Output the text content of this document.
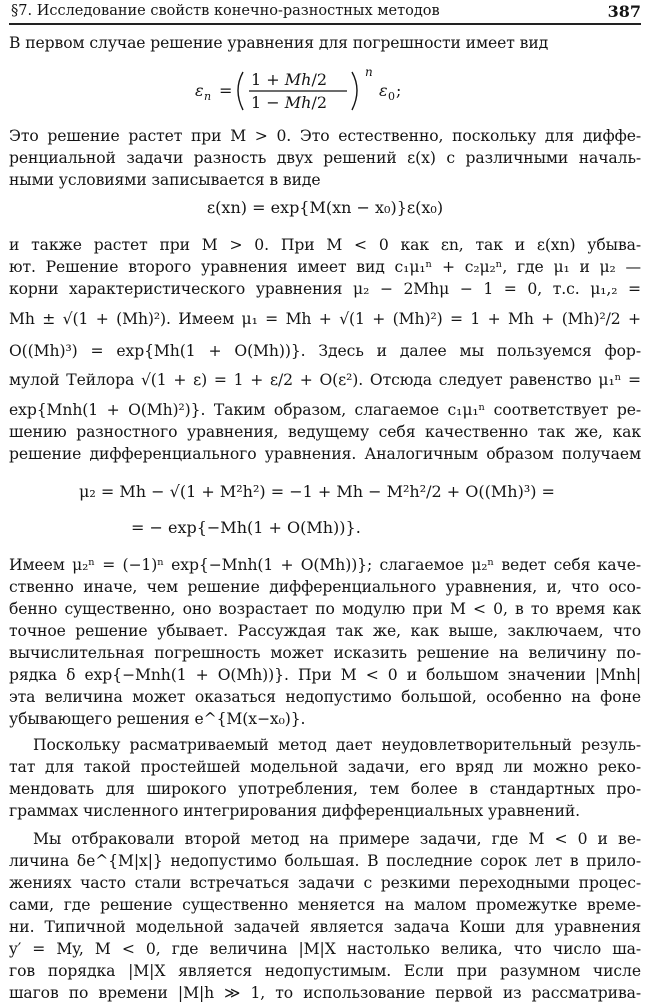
§7. Исследование свойств конечно-разностных методов	387
В первом случае решение уравнения для погрешности имеет вид
ε n =
1 + Mh/2
1 − Mh/2
n
ε 0 ;
Это решение растет при M > 0. Это естественно, поскольку для диффе-
ренциальной задачи разность двух решений ε(x) с различными началь-
ными условиями записывается в виде
ε(xn) = exp{M(xn − x₀)}ε(x₀)
и также растет при M > 0. При M < 0 как εn, так и ε(xn) убыва-
ют. Решение второго уравнения имеет вид c₁μ₁ⁿ + c₂μ₂ⁿ, где μ₁ и μ₂ —
корни характеристического уравнения μ₂ − 2Mhμ − 1 = 0, т.с. μ₁,₂ =
Mh ± √(1 + (Mh)²). Имеем μ₁ = Mh + √(1 + (Mh)²) = 1 + Mh + (Mh)²/2 +
O((Mh)³) = exp{Mh(1 + O(Mh))}. Здесь и далее мы пользуемся фор-
мулой Тейлора √(1 + ε) = 1 + ε/2 + O(ε²). Отсюда следует равенство μ₁ⁿ =
exp{Mnh(1 + O(Mh)²)}. Таким образом, слагаемое c₁μ₁ⁿ соответствует ре-
шению разностного уравнения, ведущему себя качественно так же, как
решение дифференциального уравнения. Аналогичным образом получаем
μ₂ = Mh − √(1 + M²h²) = −1 + Mh − M²h²/2 + O((Mh)³) =
= − exp{−Mh(1 + O(Mh))}.
Имеем μ₂ⁿ = (−1)ⁿ exp{−Mnh(1 + O(Mh))}; слагаемое μ₂ⁿ ведет себя каче-
ственно иначе, чем решение дифференциального уравнения, и, что осо-
бенно существенно, оно возрастает по модулю при M < 0, в то время как
точное решение убывает. Рассуждая так же, как выше, заключаем, что
вычислительная погрешность может исказить решение на величину по-
рядка δ exp{−Mnh(1 + O(Mh))}. При M < 0 и большом значении |Mnh|
эта величина может оказаться недопустимо большой, особенно на фоне
убывающего решения e^{M(x−x₀)}.
Поскольку расматриваемый метод дает неудовлетворительный резуль-
тат для такой простейшей модельной задачи, его вряд ли можно реко-
мендовать для широкого употребления, тем более в стандартных про-
граммах численного интегрирования дифференциальных уравнений.
Мы отбраковали второй метод на примере задачи, где M < 0 и ве-
личина δe^{M|x|} недопустимо большая. В последние сорок лет в прило-
жениях часто стали встречаться задачи с резкими переходными процес-
сами, где решение существенно меняется на малом промежутке време-
ни. Типичной модельной задачей является задача Коши для уравнения
y′ = My, M < 0, где величина |M|X настолько велика, что число ша-
гов порядка |M|X является недопустимым. Если при разумном числе
шагов по времени |M|h ≫ 1, то использование первой из рассматрива-
